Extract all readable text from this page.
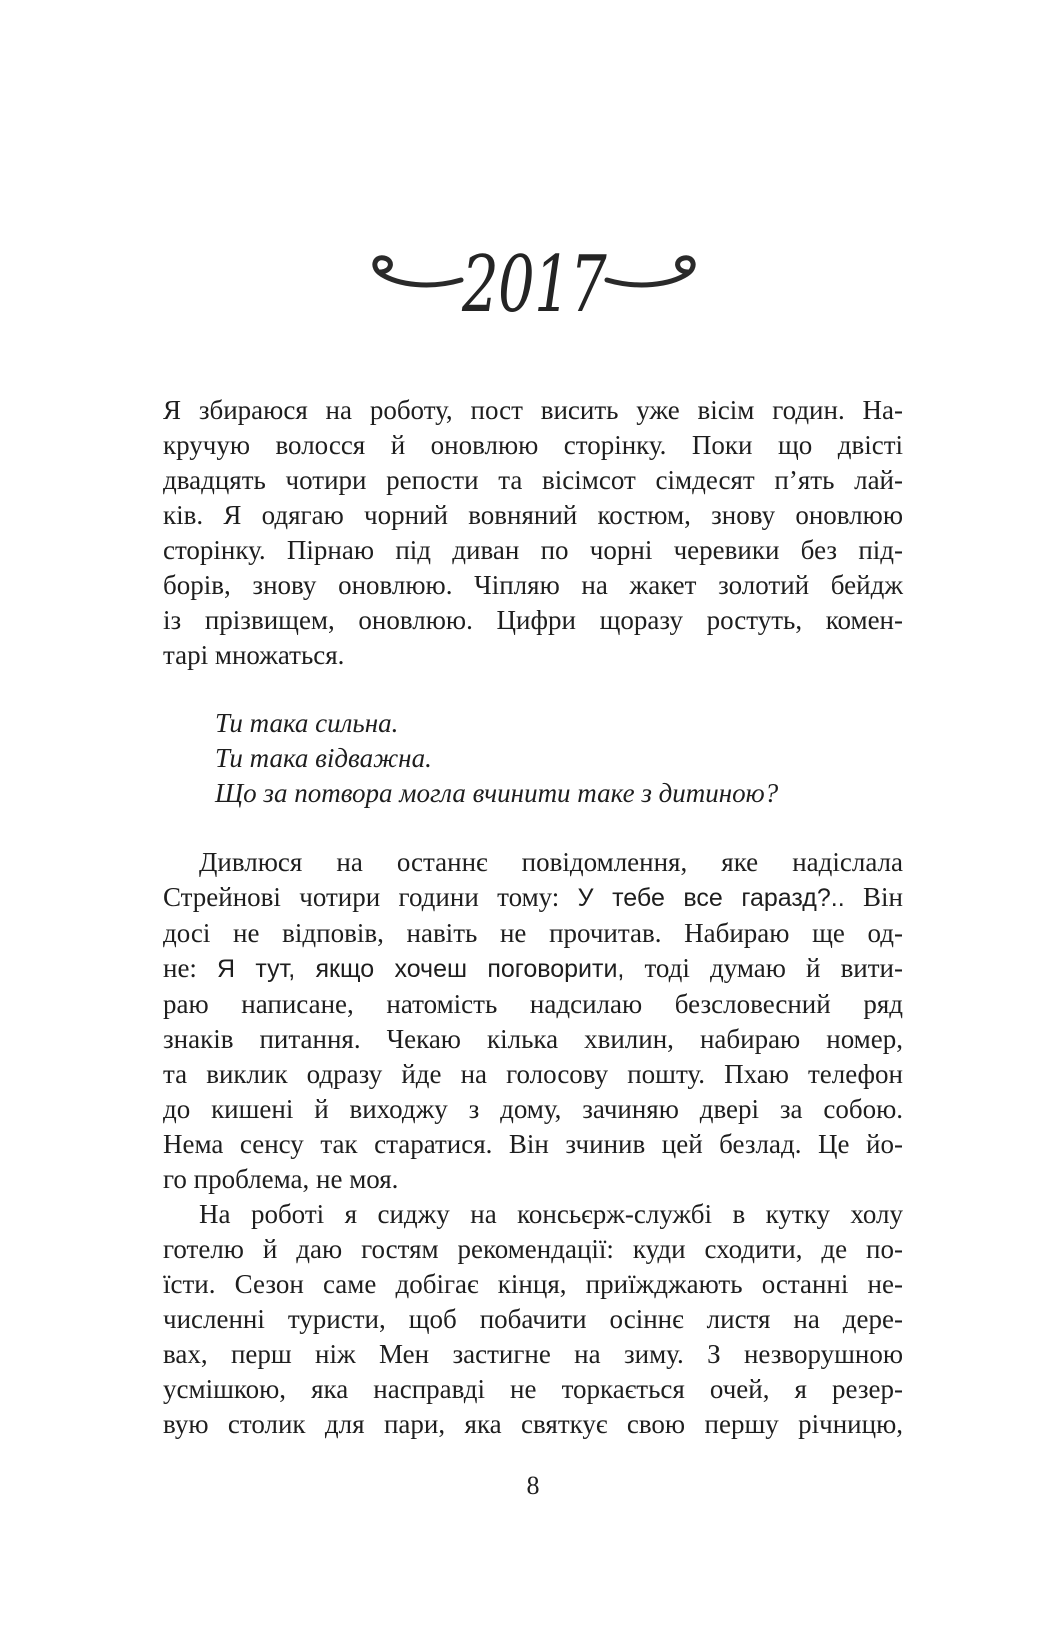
2017
Я збираюся на роботу, пост висить уже вісім годин. На-
кручую волосся й оновлюю сторінку. Поки що двісті
двадцять чотири репости та вісімсот сімдесят п’ять лай-
ків. Я одягаю чорний вовняний костюм, знову оновлюю
сторінку. Пірнаю під диван по чорні черевики без під-
борів, знову оновлюю. Чіпляю на жакет золотий бейдж
із прізвищем, оновлюю. Цифри щоразу ростуть, комен-
тарі множаться.
Ти така сильна.
Ти така відважна.
Що за потвора могла вчинити таке з дитиною?
Дивлюся на останнє повідомлення, яке надіслала
Стрейнові чотири години тому: У тебе все гаразд?.. Він
досі не відповів, навіть не прочитав. Набираю ще од-
не: Я тут, якщо хочеш поговорити, тоді думаю й вити-
раю написане, натомість надсилаю безсловесний ряд
знаків питання. Чекаю кілька хвилин, набираю номер,
та виклик одразу йде на голосову пошту. Пхаю телефон
до кишені й виходжу з дому, зачиняю двері за собою.
Нема сенсу так старатися. Він зчинив цей безлад. Це йо-
го проблема, не моя.
На роботі я сиджу на консьєрж-службі в кутку холу
готелю й даю гостям рекомендації: куди сходити, де по-
їсти. Сезон саме добігає кінця, приїжджають останні не-
численні туристи, щоб побачити осіннє листя на дере-
вах, перш ніж Мен застигне на зиму. З незворушною
усмішкою, яка насправді не торкається очей, я резер-
вую столик для пари, яка святкує свою першу річницю,
8
